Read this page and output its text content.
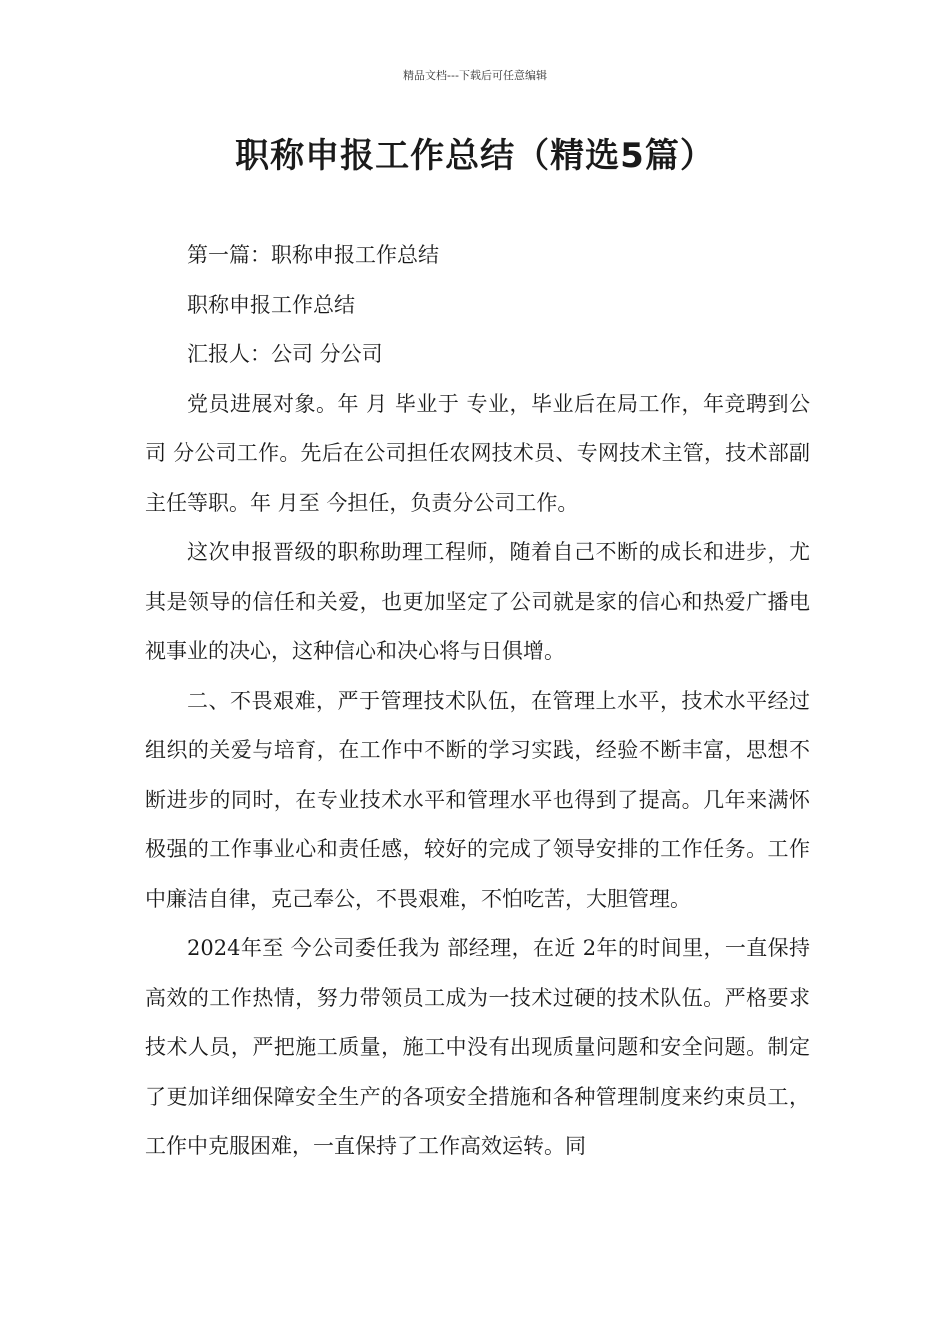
精品文档---下载后可任意编辑
职称申报工作总结（精选5篇）

第一篇：职称申报工作总结

职称申报工作总结

汇报人：公司 分公司

党员进展对象。年 月 毕业于 专业，毕业后在局工作，年竞聘到公司 分公司工作。先后在公司担任农网技术员、专网技术主管，技术部副主任等职。年 月至 今担任，负责分公司工作。

这次申报晋级的职称助理工程师，随着自己不断的成长和进步，尤其是领导的信任和关爱，也更加坚定了公司就是家的信心和热爱广播电视事业的决心，这种信心和决心将与日俱增。

二、不畏艰难，严于管理技术队伍，在管理上水平，技术水平经过组织的关爱与培育，在工作中不断的学习实践，经验不断丰富，思想不断进步的同时，在专业技术水平和管理水平也得到了提高。几年来满怀极强的工作事业心和责任感，较好的完成了领导安排的工作任务。工作中廉洁自律，克己奉公，不畏艰难，不怕吃苦，大胆管理。

2024年至 今公司委任我为 部经理，在近 2年的时间里，一直保持高效的工作热情，努力带领员工成为一技术过硬的技术队伍。严格要求技术人员，严把施工质量，施工中没有出现质量问题和安全问题。制定了更加详细保障安全生产的各项安全措施和各种管理制度来约束员工，工作中克服困难，一直保持了工作高效运转。同
